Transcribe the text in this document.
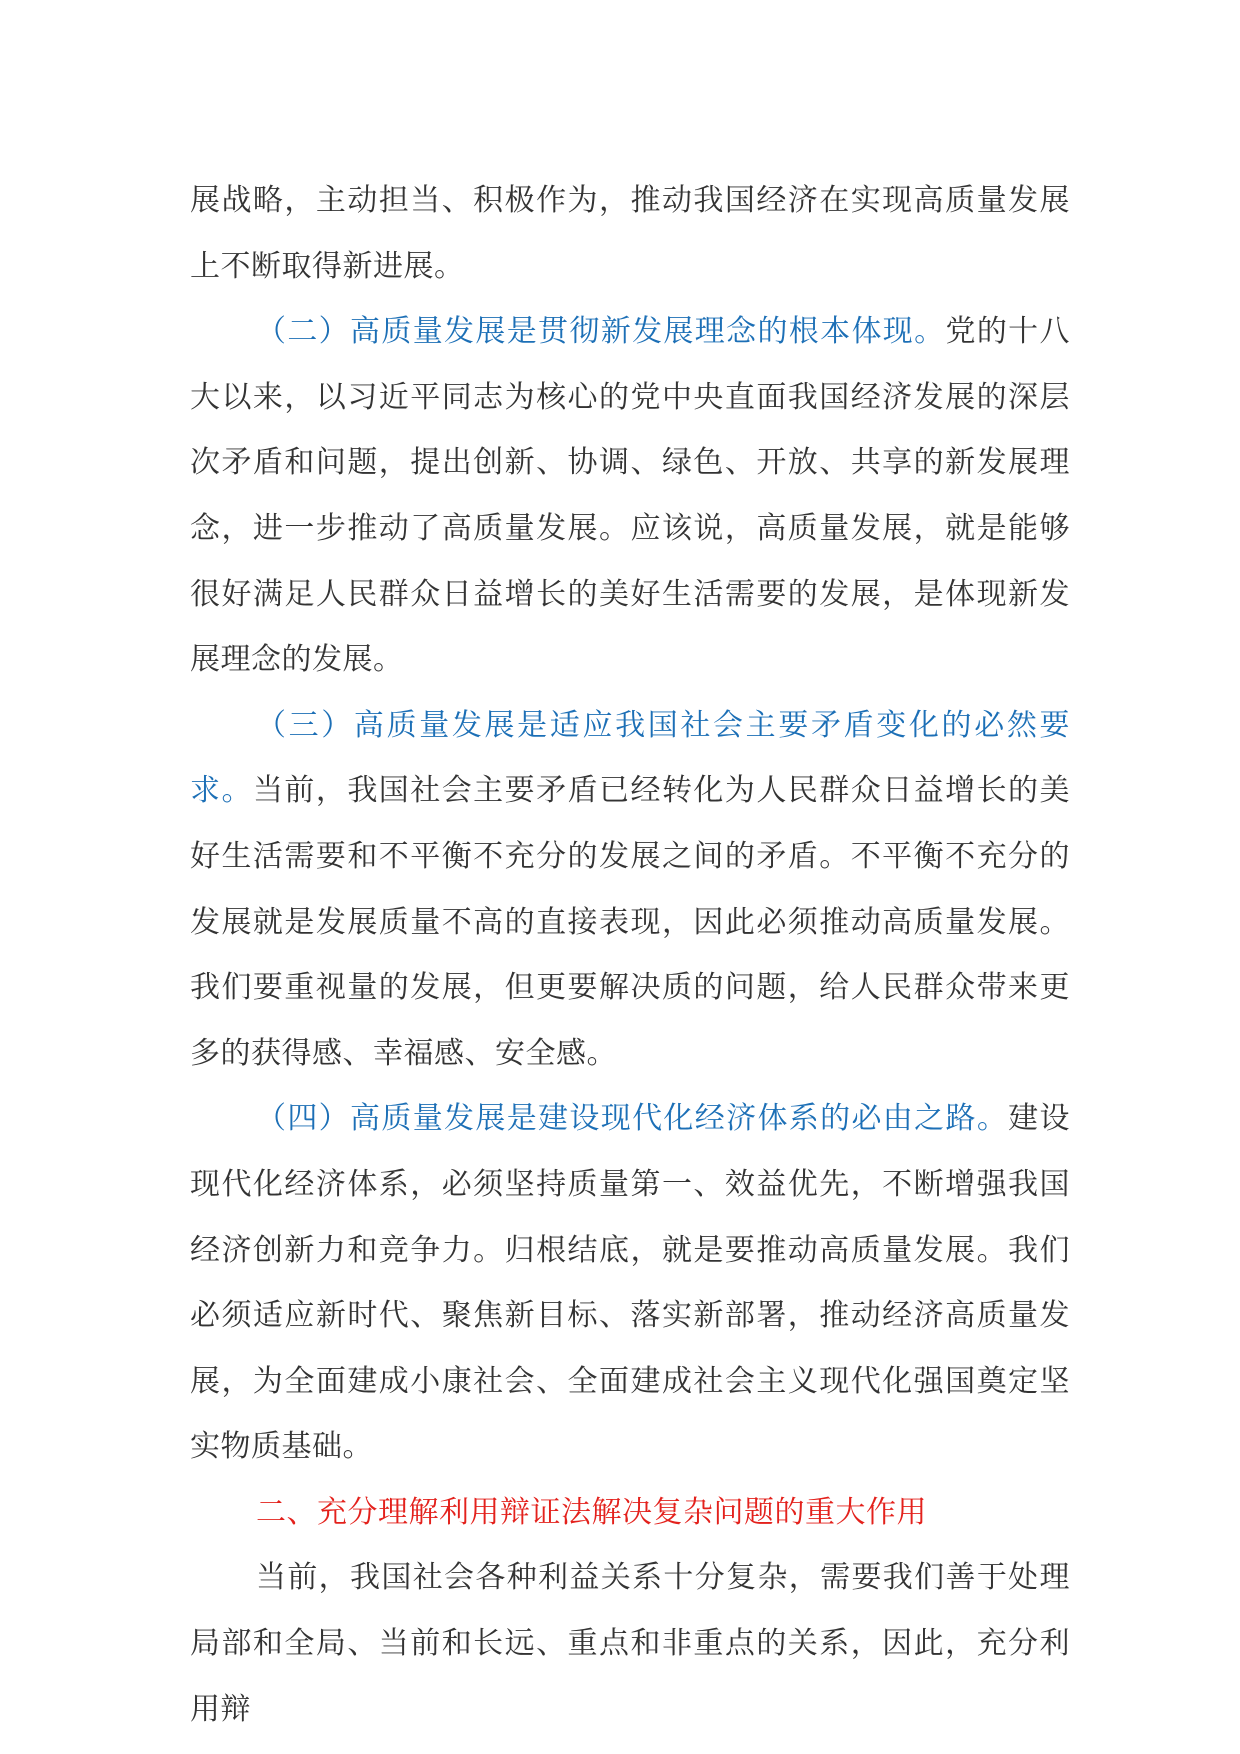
展战略，主动担当、积极作为，推动我国经济在实现高质量发展上不断取得新进展。

（二）高质量发展是贯彻新发展理念的根本体现。党的十八大以来，以习近平同志为核心的党中央直面我国经济发展的深层次矛盾和问题，提出创新、协调、绿色、开放、共享的新发展理念，进一步推动了高质量发展。应该说，高质量发展，就是能够很好满足人民群众日益增长的美好生活需要的发展，是体现新发展理念的发展。

（三）高质量发展是适应我国社会主要矛盾变化的必然要求。当前，我国社会主要矛盾已经转化为人民群众日益增长的美好生活需要和不平衡不充分的发展之间的矛盾。不平衡不充分的发展就是发展质量不高的直接表现，因此必须推动高质量发展。我们要重视量的发展，但更要解决质的问题，给人民群众带来更多的获得感、幸福感、安全感。

（四）高质量发展是建设现代化经济体系的必由之路。建设现代化经济体系，必须坚持质量第一、效益优先，不断增强我国经济创新力和竞争力。归根结底，就是要推动高质量发展。我们必须适应新时代、聚焦新目标、落实新部署，推动经济高质量发展，为全面建成小康社会、全面建成社会主义现代化强国奠定坚实物质基础。

二、充分理解利用辩证法解决复杂问题的重大作用

当前，我国社会各种利益关系十分复杂，需要我们善于处理局部和全局、当前和长远、重点和非重点的关系，因此，充分利用辩
